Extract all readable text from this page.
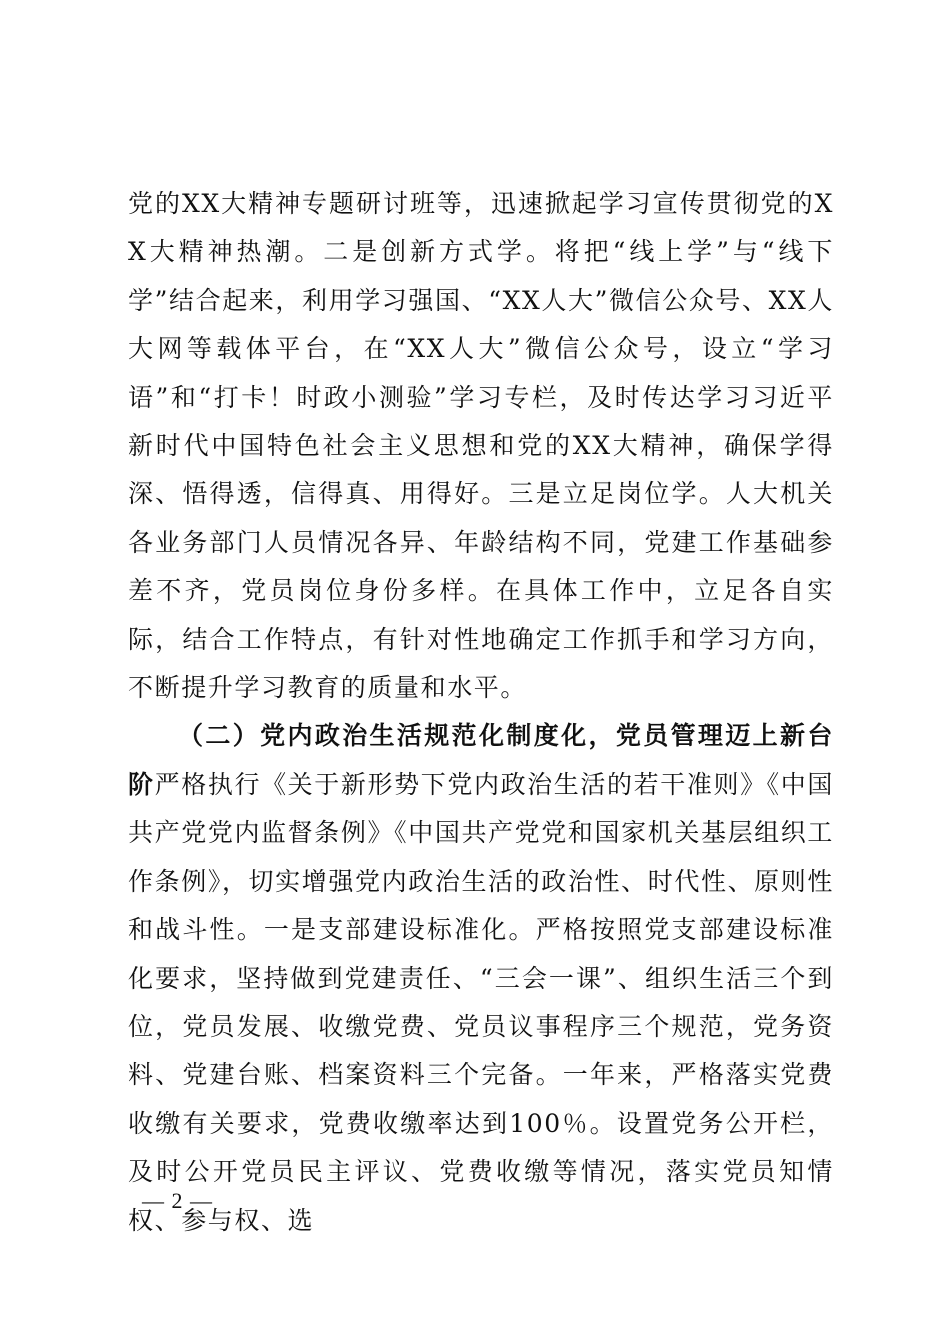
党的XX大精神专题研讨班等，迅速掀起学习宣传贯彻党的XX大精神热潮。二是创新方式学。将把“线上学”与“线下学”结合起来，利用学习强国、“XX人大”微信公众号、XX人大网等载体平台，在“XX人大”微信公众号，设立“学习语”和“打卡！时政小测验”学习专栏，及时传达学习习近平新时代中国特色社会主义思想和党的XX大精神，确保学得深、悟得透，信得真、用得好。三是立足岗位学。人大机关各业务部门人员情况各异、年龄结构不同，党建工作基础参差不齐，党员岗位身份多样。在具体工作中，立足各自实际，结合工作特点，有针对性地确定工作抓手和学习方向，不断提升学习教育的质量和水平。

（二）党内政治生活规范化制度化，党员管理迈上新台阶严格执行《关于新形势下党内政治生活的若干准则》《中国共产党党内监督条例》《中国共产党党和国家机关基层组织工作条例》，切实增强党内政治生活的政治性、时代性、原则性和战斗性。一是支部建设标准化。严格按照党支部建设标准化要求，坚持做到党建责任、“三会一课”、组织生活三个到位，党员发展、收缴党费、党员议事程序三个规范，党务资料、党建台账、档案资料三个完备。一年来，严格落实党费收缴有关要求，党费收缴率达到100％。设置党务公开栏，及时公开党员民主评议、党费收缴等情况，落实党员知情权、参与权、选

— 2 —
